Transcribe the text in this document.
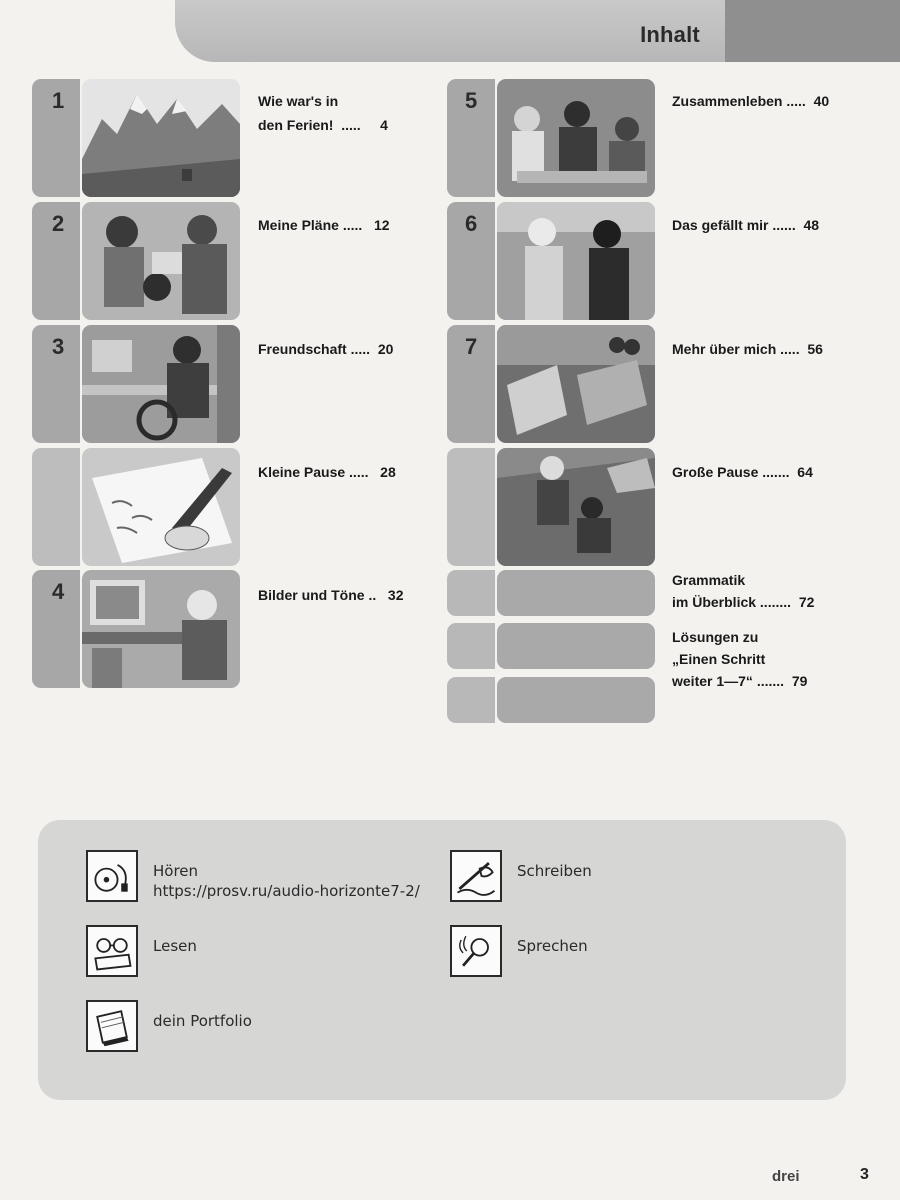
Inhalt
1	Wie war's in
den Ferien! ..... 4
2	Meine Pläne ..... 12
3	Freundschaft ..... 20
Kleine Pause ..... 28
4	Bilder und Töne .. 32
5	Zusammenleben ..... 40
6	Das gefällt mir ...... 48
7	Mehr über mich ..... 56
Große Pause ....... 64
Grammatik
im Überblick ........ 72
Lösungen zu
„Einen Schritt
weiter 1—7“ ....... 79
Hören
https://prosv.ru/audio-horizonte7-2/
Schreiben
Lesen	Sprechen
dein Portfolio
drei	3
